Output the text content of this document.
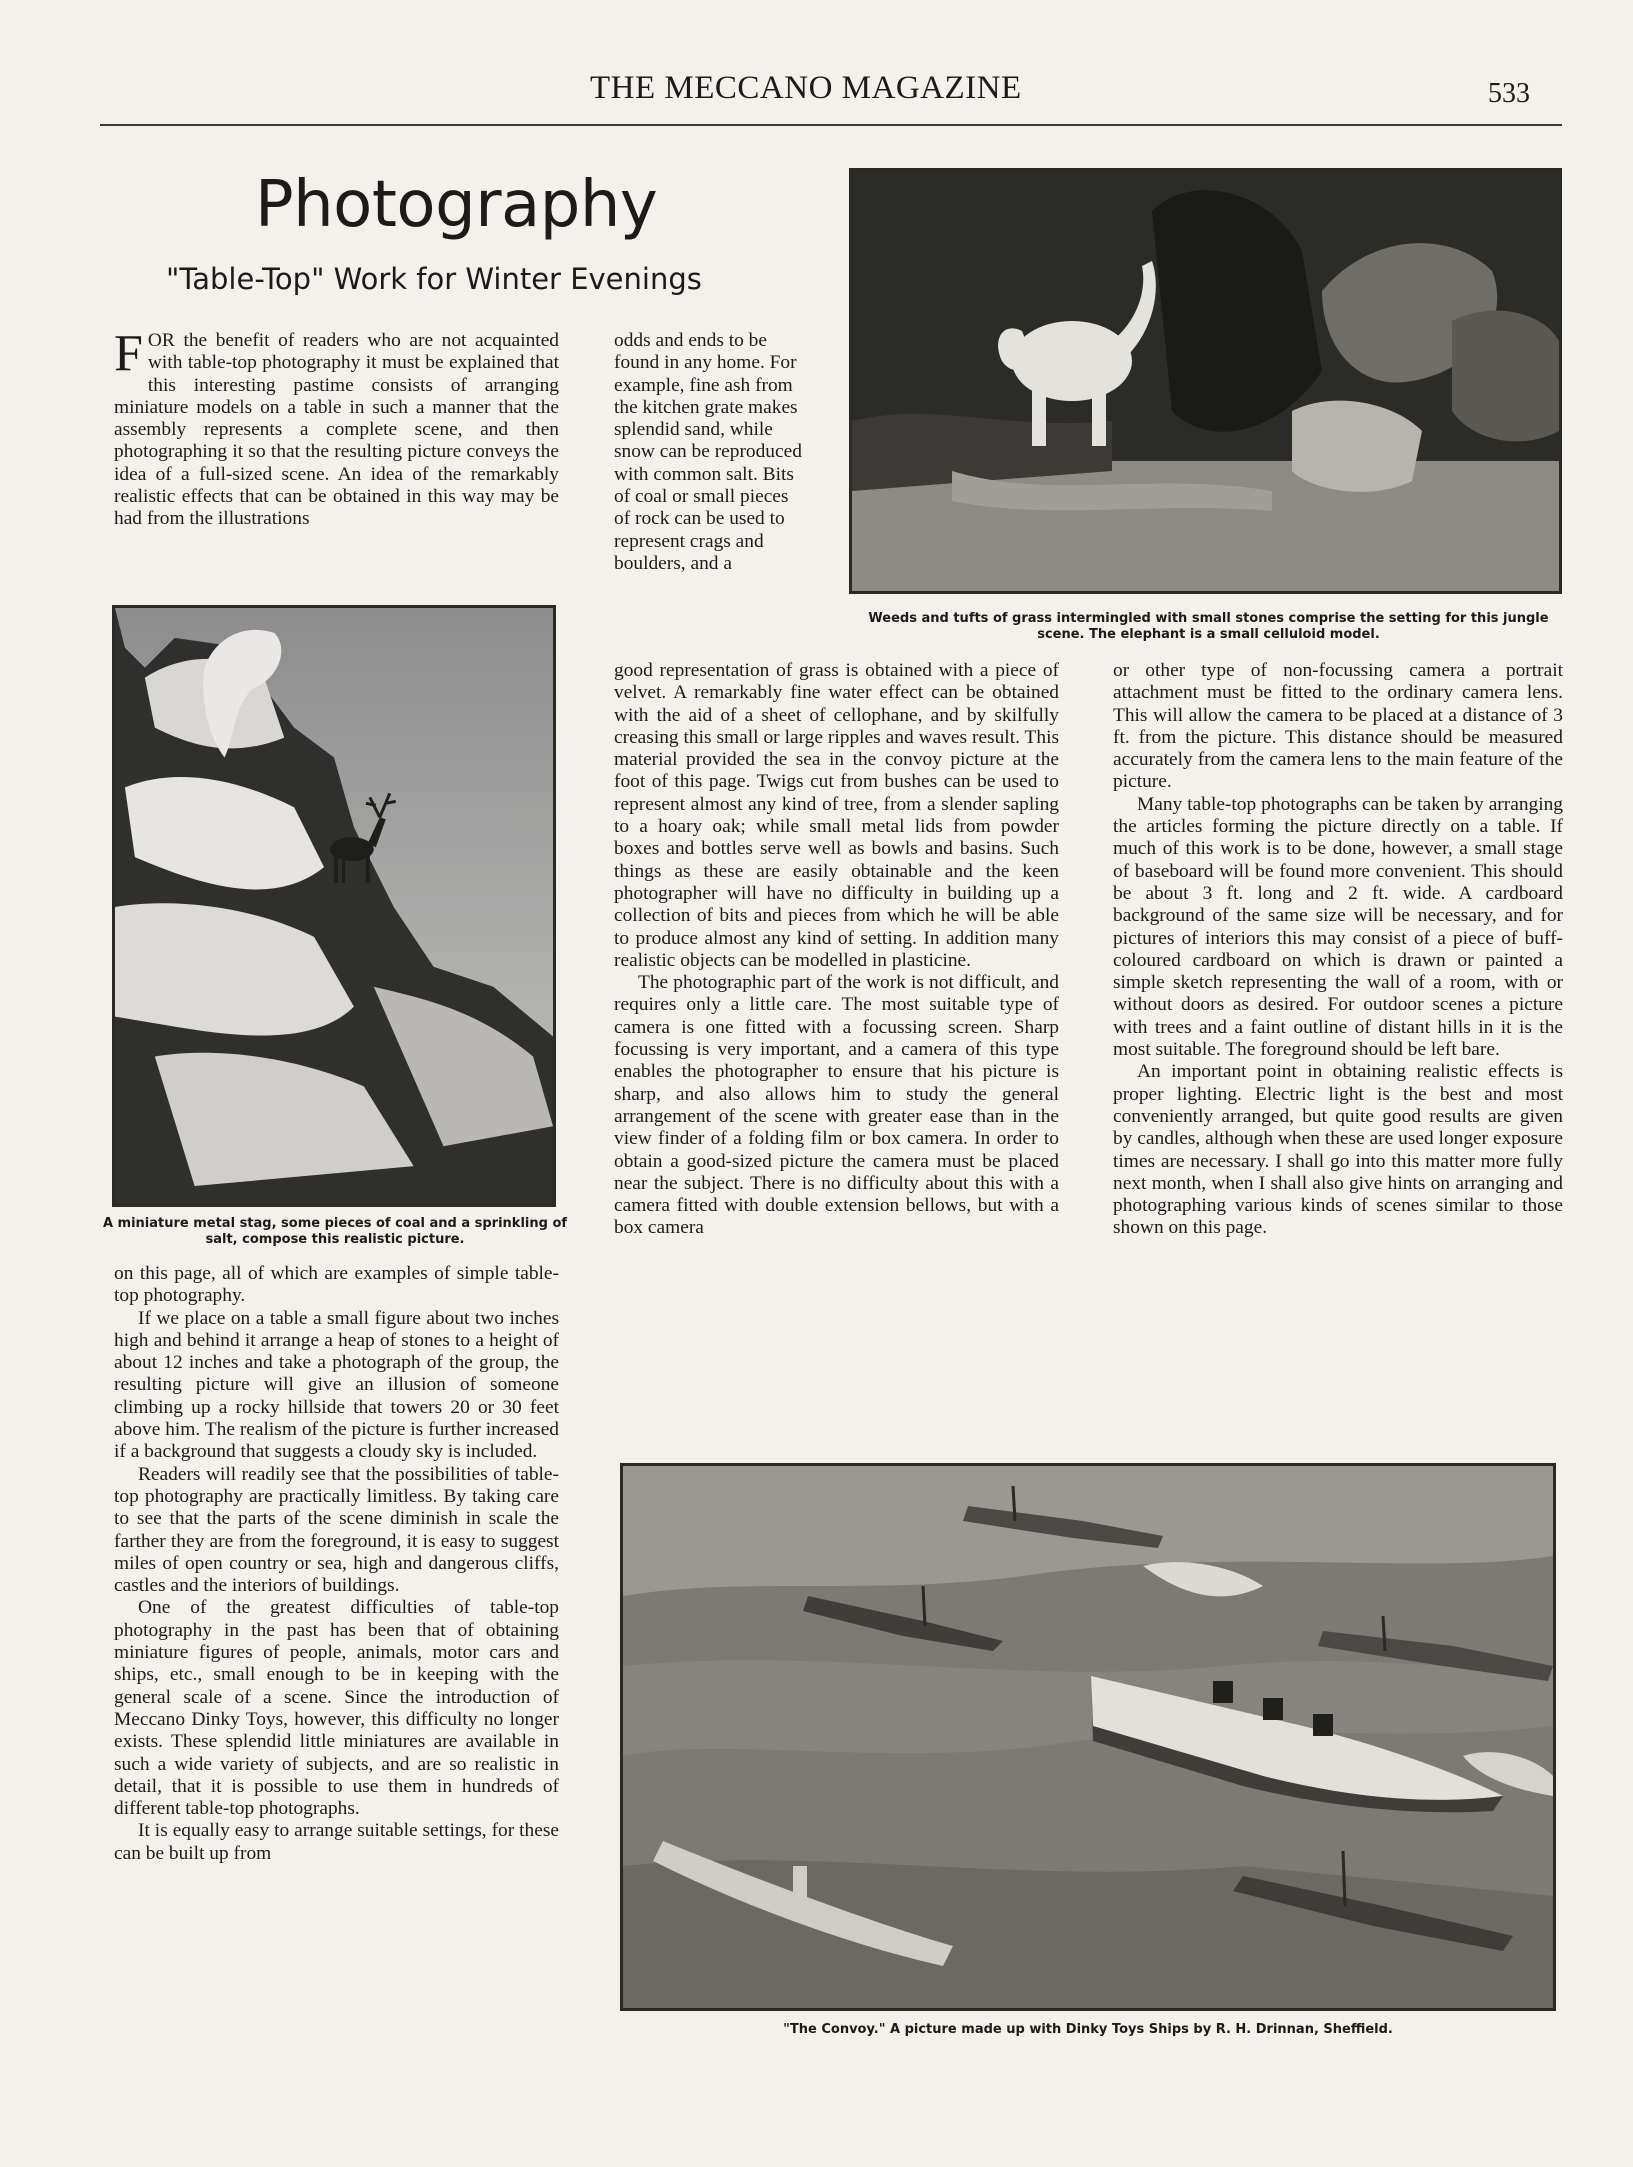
THE MECCANO MAGAZINE	533
Photography
"Table-Top" Work for Winter Evenings

FOR the benefit of readers who are not acquainted with table-top photography it must be explained that this interesting pastime consists of arranging miniature models on a table in such a manner that the assembly represents a complete scene, and then photographing it so that the resulting picture conveys the idea of a full-sized scene. An idea of the remarkably realistic effects that can be obtained in this way may be had from the illustrations

A miniature metal stag, some pieces of coal and a sprinkling of salt, compose this realistic picture.

on this page, all of which are examples of simple table-top photography.

If we place on a table a small figure about two inches high and behind it arrange a heap of stones to a height of about 12 inches and take a photograph of the group, the resulting picture will give an illusion of someone climbing up a rocky hillside that towers 20 or 30 feet above him. The realism of the picture is further increased if a background that suggests a cloudy sky is included.

Readers will readily see that the possibilities of table-top photography are practically limitless. By taking care to see that the parts of the scene diminish in scale the farther they are from the foreground, it is easy to suggest miles of open country or sea, high and dangerous cliffs, castles and the interiors of buildings.

One of the greatest difficulties of table-top photography in the past has been that of obtaining miniature figures of people, animals, motor cars and ships, etc., small enough to be in keeping with the general scale of a scene. Since the introduction of Meccano Dinky Toys, however, this difficulty no longer exists. These splendid little miniatures are available in such a wide variety of subjects, and are so realistic in detail, that it is possible to use them in hundreds of different table-top photographs.

It is equally easy to arrange suitable settings, for these can be built up from

odds and ends to be found in any home. For example, fine ash from the kitchen grate makes splendid sand, while snow can be reproduced with common salt. Bits of coal or small pieces of rock can be used to represent crags and boulders, and a

Weeds and tufts of grass intermingled with small stones comprise the setting for this jungle scene. The elephant is a small celluloid model.

good representation of grass is obtained with a piece of velvet. A remarkably fine water effect can be obtained with the aid of a sheet of cellophane, and by skilfully creasing this small or large ripples and waves result. This material provided the sea in the convoy picture at the foot of this page. Twigs cut from bushes can be used to represent almost any kind of tree, from a slender sapling to a hoary oak; while small metal lids from powder boxes and bottles serve well as bowls and basins. Such things as these are easily obtainable and the keen photographer will have no difficulty in building up a collection of bits and pieces from which he will be able to produce almost any kind of setting. In addition many realistic objects can be modelled in plasticine.

The photographic part of the work is not difficult, and requires only a little care. The most suitable type of camera is one fitted with a focussing screen. Sharp focussing is very important, and a camera of this type enables the photographer to ensure that his picture is sharp, and also allows him to study the general arrangement of the scene with greater ease than in the view finder of a folding film or box camera. In order to obtain a good-sized picture the camera must be placed near the subject. There is no difficulty about this with a camera fitted with double extension bellows, but with a box camera

or other type of non-focussing camera a portrait attachment must be fitted to the ordinary camera lens. This will allow the camera to be placed at a distance of 3 ft. from the picture. This distance should be measured accurately from the camera lens to the main feature of the picture.

Many table-top photographs can be taken by arranging the articles forming the picture directly on a table. If much of this work is to be done, however, a small stage of baseboard will be found more convenient. This should be about 3 ft. long and 2 ft. wide. A cardboard background of the same size will be necessary, and for pictures of interiors this may consist of a piece of buff-coloured cardboard on which is drawn or painted a simple sketch representing the wall of a room, with or without doors as desired. For outdoor scenes a picture with trees and a faint outline of distant hills in it is the most suitable. The foreground should be left bare.

An important point in obtaining realistic effects is proper lighting. Electric light is the best and most conveniently arranged, but quite good results are given by candles, although when these are used longer exposure times are necessary. I shall go into this matter more fully next month, when I shall also give hints on arranging and photographing various kinds of scenes similar to those shown on this page.

"The Convoy." A picture made up with Dinky Toys Ships by R. H. Drinnan, Sheffield.
